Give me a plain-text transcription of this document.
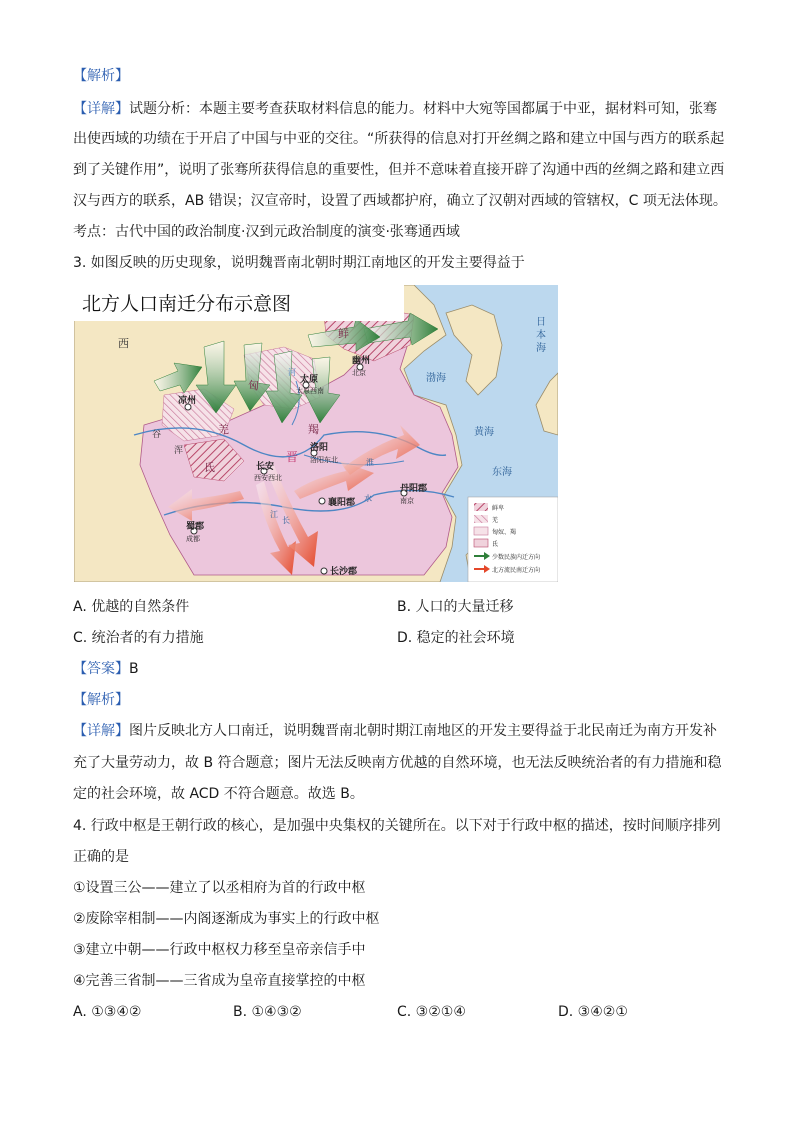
【解析】
【详解】试题分析：本题主要考查获取材料信息的能力。材料中大宛等国都属于中亚，据材料可知，张骞
出使西域的功绩在于开启了中国与中亚的交往。“所获得的信息对打开丝绸之路和建立中国与西方的联系起
到了关键作用”，说明了张骞所获得信息的重要性，但并不意味着直接开辟了沟通中西的丝绸之路和建立西
汉与西方的联系，AB 错误；汉宣帝时，设置了西域都护府，确立了汉朝对西域的管辖权，C 项无法体现。
考点：古代中国的政治制度·汉到元政治制度的演变·张骞通西域
3. 如图反映的历史现象，说明魏晋南北朝时期江南地区的开发主要得益于
幽州
北京
太原
太原西南
凉州
洛阳
洛阳东北
长安
西安西北
襄阳郡
丹阳郡
南京
蜀郡
成都
长沙郡
西
鲜
匈
羯
氐
羌
晋
谷
浑
河
日 本 海
渤海
黄海
东海
江
长
水
淮
北方人口南迁分布示意图
鲜卑
羌
匈奴、羯
氐
少数民族内迁方向
北方流民南迁方向
A. 优越的自然条件	B. 人口的大量迁移
C. 统治者的有力措施	D. 稳定的社会环境
【答案】B
【解析】
【详解】图片反映北方人口南迁，说明魏晋南北朝时期江南地区的开发主要得益于北民南迁为南方开发补
充了大量劳动力，故 B 符合题意；图片无法反映南方优越的自然环境，也无法反映统治者的有力措施和稳
定的社会环境，故 ACD 不符合题意。故选 B。
4. 行政中枢是王朝行政的核心，是加强中央集权的关键所在。以下对于行政中枢的描述，按时间顺序排列
正确的是
①设置三公——建立了以丞相府为首的行政中枢
②废除宰相制——内阁逐渐成为事实上的行政中枢
③建立中朝——行政中枢权力移至皇帝亲信手中
④完善三省制——三省成为皇帝直接掌控的中枢
A. ①③④②	B. ①④③②	C. ③②①④	D. ③④②①
